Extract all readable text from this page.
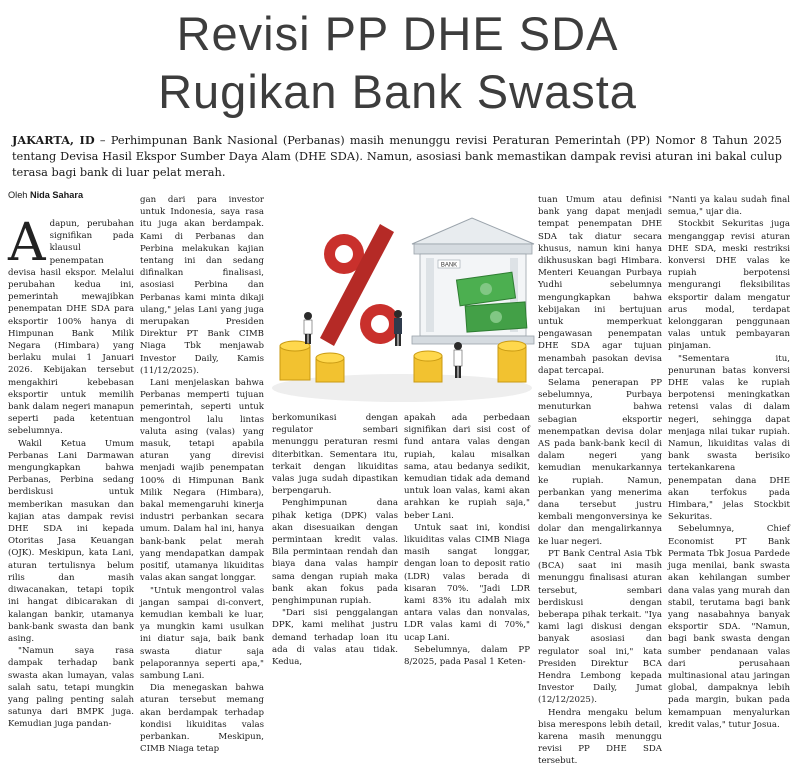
Revisi PP DHE SDA
Rugikan Bank Swasta
JAKARTA, ID – Perhimpunan Bank Nasional (Perbanas) masih menunggu revisi Peraturan Pemerintah (PP) Nomor 8 Tahun 2025 tentang Devisa Hasil Ekspor Sumber Daya Alam (DHE SDA). Namun, asosiasi bank memastikan dampak revisi aturan ini bakal culup terasa bagi bank di luar pelat merah.
Oleh Nida Sahara

Adapun, perubahan signifikan pada klausul penempatan devisa hasil ekspor. Melalui perubahan kedua ini, pemerintah mewajibkan penempatan DHE SDA para eksportir 100% hanya di Himpunan Bank Milik Negara (Himbara) yang berlaku mulai 1 Januari 2026. Kebijakan tersebut mengakhiri kebebasan eksportir untuk memilih bank dalam negeri manapun seperti pada ketentuan sebelumnya.

Wakil Ketua Umum Perbanas Lani Darmawan mengungkapkan bahwa Perbanas, Perbina sedang berdiskusi untuk memberikan masukan dan kajian atas dampak revisi DHE SDA ini kepada Otoritas Jasa Keuangan (OJK). Meskipun, kata Lani, aturan tertulisnya belum rilis dan masih diwacanakan, tetapi topik ini hangat dibicarakan di kalangan bankir, utamanya bank-bank swasta dan bank asing.

"Namun saya rasa dampak terhadap bank swasta akan lumayan, valas salah satu, tetapi mungkin yang paling penting salah satunya dari BMPK juga. Kemudian juga pandan-

gan dari para investor untuk Indonesia, saya rasa itu juga akan berdampak. Kami di Perbanas dan Perbina melakukan kajian tentang ini dan sedang difinalkan finalisasi, asosiasi Perbina dan Perbanas kami minta dikaji ulang," jelas Lani yang juga merupakan Presiden Direktur PT Bank CIMB Niaga Tbk menjawab Investor Daily, Kamis (11/12/2025).

Lani menjelaskan bahwa Perbanas memperti tujuan pemerintah, seperti untuk mengontrol lalu lintas valuta asing (valas) yang masuk, tetapi apabila aturan yang direvisi menjadi wajib penempatan 100% di Himpunan Bank Milik Negara (Himbara), bakal memengaruhi kinerja industri perbankan secara umum. Dalam hal ini, hanya bank-bank pelat merah yang mendapatkan dampak positif, utamanya likuiditas valas akan sangat longgar.

"Untuk mengontrol valas jangan sampai di-convert, kemudian kembali ke luar, ya mungkin kami usulkan ini diatur saja, baik bank swasta diatur saja pelaporannya seperti apa," sambung Lani.

Dia menegaskan bahwa aturan tersebut memang akan berdampak terhadap kondisi likuiditas valas perbankan. Meskipun, CIMB Niaga tetap

BANK

berkomunikasi dengan regulator sembari menunggu peraturan resmi diterbitkan. Sementara itu, terkait dengan likuiditas valas juga sudah dipastikan berpengaruh.

Penghimpunan dana pihak ketiga (DPK) valas akan disesuaikan dengan permintaan kredit valas. Bila permintaan rendah dan biaya dana valas hampir sama dengan rupiah maka bank akan fokus pada penghimpunan rupiah.

"Dari sisi penggalangan DPK, kami melihat justru demand terhadap loan itu ada di valas atau tidak. Kedua,

apakah ada perbedaan signifikan dari sisi cost of fund antara valas dengan rupiah, kalau misalkan sama, atau bedanya sedikit, kemudian tidak ada demand untuk loan valas, kami akan arahkan ke rupiah saja," beber Lani.

Untuk saat ini, kondisi likuiditas valas CIMB Niaga masih sangat longgar, dengan loan to deposit ratio (LDR) valas berada di kisaran 70%. "Jadi LDR kami 83% itu adalah mix antara valas dan nonvalas, LDR valas kami di 70%," ucap Lani.

Sebelumnya, dalam PP 8/2025, pada Pasal 1 Keten-

tuan Umum atau definisi bank yang dapat menjadi tempat penempatan DHE SDA tak diatur secara khusus, namun kini hanya dikhususkan bagi Himbara. Menteri Keuangan Purbaya Yudhi sebelumnya mengungkapkan bahwa kebijakan ini bertujuan untuk memperkuat pengawasan penempatan DHE SDA agar tujuan menambah pasokan devisa dapat tercapai.

Selama penerapan PP sebelumnya, Purbaya menuturkan bahwa sebagian eksportir menempatkan devisa dolar AS pada bank-bank kecil di dalam negeri yang kemudian menukarkannya ke rupiah. Namun, perbankan yang menerima dana tersebut justru kembali mengonversinya ke dolar dan mengalirkannya ke luar negeri.

PT Bank Central Asia Tbk (BCA) saat ini masih menunggu finalisasi aturan tersebut, sembari berdiskusi dengan beberapa pihak terkait. "Iya kami lagi diskusi dengan banyak asosiasi dan regulator soal ini," kata Presiden Direktur BCA Hendra Lembong kepada Investor Daily, Jumat (12/12/2025).

Hendra mengaku belum bisa merespons lebih detail, karena masih menunggu revisi PP DHE SDA tersebut.

"Nanti ya kalau sudah final semua," ujar dia.

Stockbit Sekuritas juga menganggap revisi aturan DHE SDA, meski restriksi konversi DHE valas ke rupiah berpotensi mengurangi fleksibilitas eksportir dalam mengatur arus modal, terdapat kelonggaran penggunaan valas untuk pembayaran pinjaman.

"Sementara itu, penurunan batas konversi DHE valas ke rupiah berpotensi meningkatkan retensi valas di dalam negeri, sehingga dapat menjaga nilai tukar rupiah. Namun, likuiditas valas di bank swasta berisiko tertekankarena penempatan dana DHE akan terfokus pada Himbara," jelas Stockbit Sekuritas.

Sebelumnya, Chief Economist PT Bank Permata Tbk Josua Pardede juga menilai, bank swasta akan kehilangan sumber dana valas yang murah dan stabil, terutama bagi bank yang nasabahnya banyak eksportir SDA. "Namun, bagi bank swasta dengan sumber pendanaan valas dari perusahaan multinasional atau jaringan global, dampaknya lebih pada margin, bukan pada kemampuan menyalurkan kredit valas," tutur Josua.
